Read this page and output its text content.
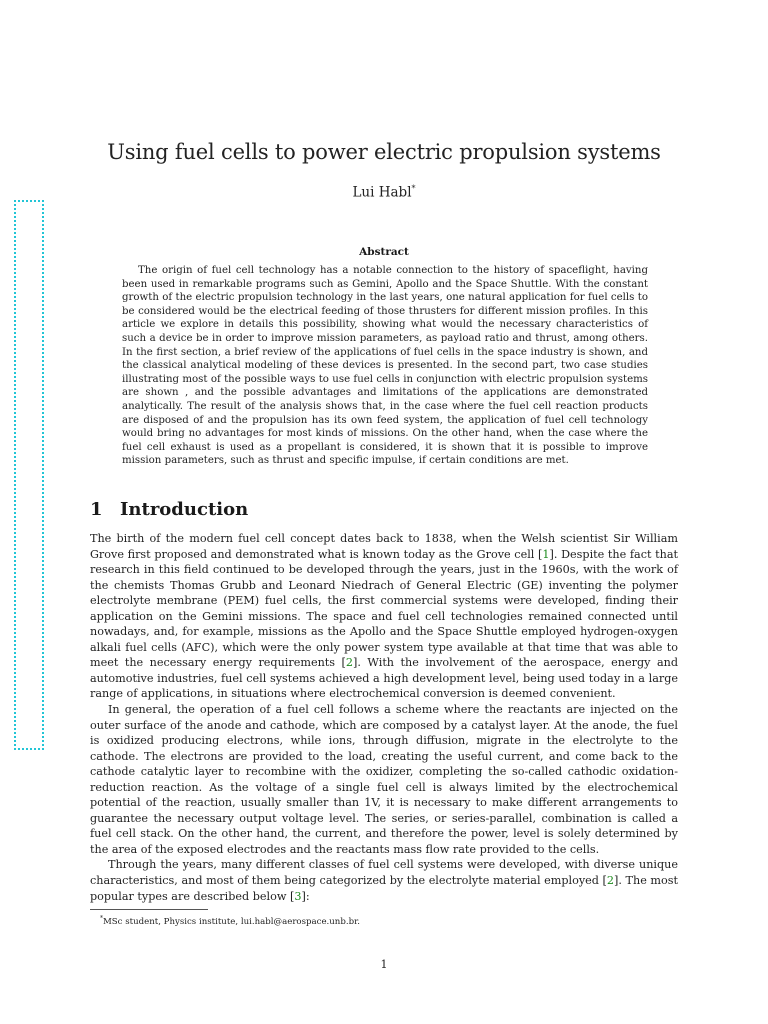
Using fuel cells to power electric propulsion systems
Lui Habl*
Abstract
The origin of fuel cell technology has a notable connection to the history of spaceflight, having been used in remarkable programs such as Gemini, Apollo and the Space Shuttle. With the constant growth of the electric propulsion technology in the last years, one natural application for fuel cells to be considered would be the electrical feeding of those thrusters for different mission profiles. In this article we explore in details this possibility, showing what would the necessary characteristics of such a device be in order to improve mission parameters, as payload ratio and thrust, among others. In the first section, a brief review of the applications of fuel cells in the space industry is shown, and the classical analytical modeling of these devices is presented. In the second part, two case studies illustrating most of the possible ways to use fuel cells in conjunction with electric propulsion systems are shown , and the possible advantages and limitations of the applications are demonstrated analytically. The result of the analysis shows that, in the case where the fuel cell reaction products are disposed of and the propulsion has its own feed system, the application of fuel cell technology would bring no advantages for most kinds of missions. On the other hand, when the case where the fuel cell exhaust is used as a propellant is considered, it is shown that it is possible to improve mission parameters, such as thrust and specific impulse, if certain conditions are met.
1 Introduction

The birth of the modern fuel cell concept dates back to 1838, when the Welsh scientist Sir William Grove first proposed and demonstrated what is known today as the Grove cell [1]. Despite the fact that research in this field continued to be developed through the years, just in the 1960s, with the work of the chemists Thomas Grubb and Leonard Niedrach of General Electric (GE) inventing the polymer electrolyte membrane (PEM) fuel cells, the first commercial systems were developed, finding their application on the Gemini missions. The space and fuel cell technologies remained connected until nowadays, and, for example, missions as the Apollo and the Space Shuttle employed hydrogen-oxygen alkali fuel cells (AFC), which were the only power system type available at that time that was able to meet the necessary energy requirements [2]. With the involvement of the aerospace, energy and automotive industries, fuel cell systems achieved a high development level, being used today in a large range of applications, in situations where electrochemical conversion is deemed convenient.

In general, the operation of a fuel cell follows a scheme where the reactants are injected on the outer surface of the anode and cathode, which are composed by a catalyst layer. At the anode, the fuel is oxidized producing electrons, while ions, through diffusion, migrate in the electrolyte to the cathode. The electrons are provided to the load, creating the useful current, and come back to the cathode catalytic layer to recombine with the oxidizer, completing the so-called cathodic oxidation-reduction reaction. As the voltage of a single fuel cell is always limited by the electrochemical potential of the reaction, usually smaller than 1V, it is necessary to make different arrangements to guarantee the necessary output voltage level. The series, or series-parallel, combination is called a fuel cell stack. On the other hand, the current, and therefore the power, level is solely determined by the area of the exposed electrodes and the reactants mass flow rate provided to the cells.

Through the years, many different classes of fuel cell systems were developed, with diverse unique characteristics, and most of them being categorized by the electrolyte material employed [2]. The most popular types are described below [3]:

*MSc student, Physics institute, lui.habl@aerospace.unb.br.
1
